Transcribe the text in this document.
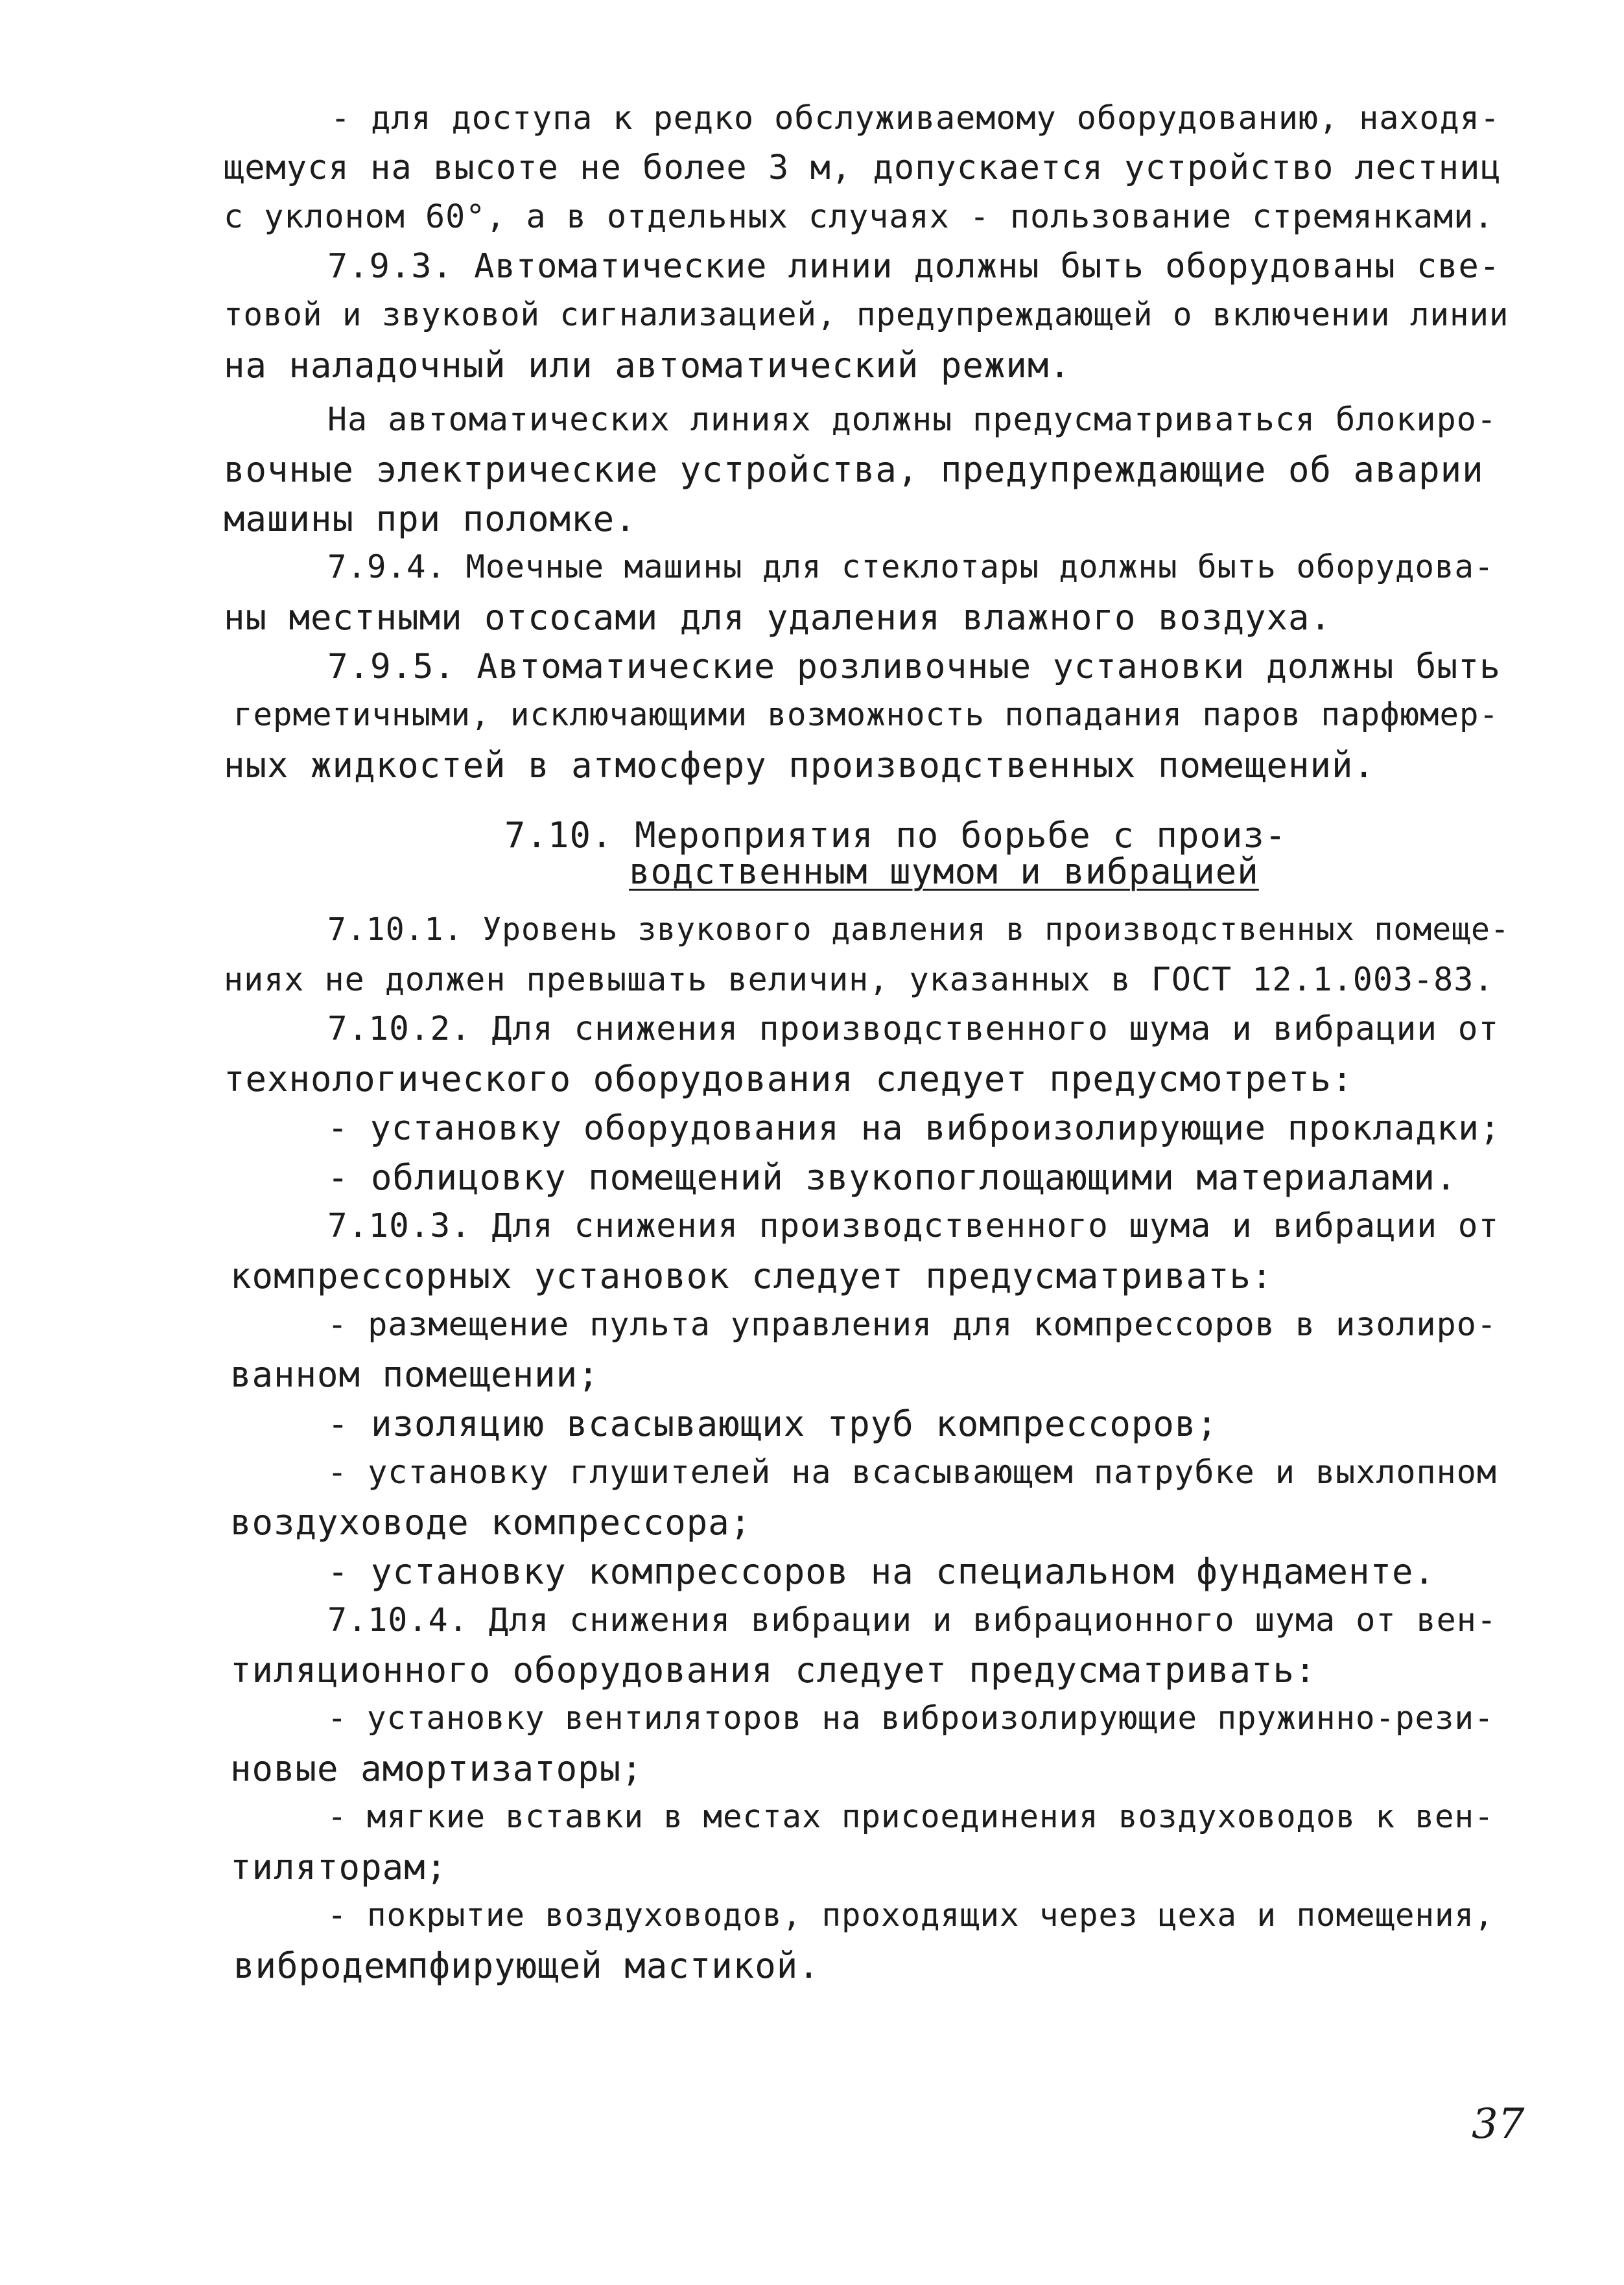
- для доступа к редко обслуживаемому оборудованию, находя-
щемуся на высоте не более 3 м, допускается устройство лестниц
с уклоном 60°, а в отдельных случаях - пользование стремянками.
7.9.3. Автоматические линии должны быть оборудованы све-
товой и звуковой сигнализацией, предупреждающей о включении линии
на наладочный или автоматический режим.
На автоматических линиях должны предусматриваться блокиро-
вочные электрические устройства, предупреждающие об аварии
машины при поломке.
7.9.4. Моечные машины для стеклотары должны быть оборудова-
ны местными отсосами для удаления влажного воздуха.
7.9.5. Автоматические розливочные установки должны быть
герметичными, исключающими возможность попадания паров парфюмер-
ных жидкостей в атмосферу производственных помещений.
7.10. Мероприятия по борьбе с произ-
водственным шумом и вибрацией
7.10.1. Уровень звукового давления в производственных помеще-
ниях не должен превышать величин, указанных в ГОСТ 12.1.003-83.
7.10.2. Для снижения производственного шума и вибрации от
технологического оборудования следует предусмотреть:
- установку оборудования на виброизолирующие прокладки;
- облицовку помещений звукопоглощающими материалами.
7.10.3. Для снижения производственного шума и вибрации от
компрессорных установок следует предусматривать:
- размещение пульта управления для компрессоров в изолиро-
ванном помещении;
- изоляцию всасывающих труб компрессоров;
- установку глушителей на всасывающем патрубке и выхлопном
воздуховоде компрессора;
- установку компрессоров на специальном фундаменте.
7.10.4. Для снижения вибрации и вибрационного шума от вен-
тиляционного оборудования следует предусматривать:
- установку вентиляторов на виброизолирующие пружинно-рези-
новые амортизаторы;
- мягкие вставки в местах присоединения воздуховодов к вен-
тиляторам;
- покрытие воздуховодов, проходящих через цеха и помещения,
вибродемпфирующей мастикой.
37
